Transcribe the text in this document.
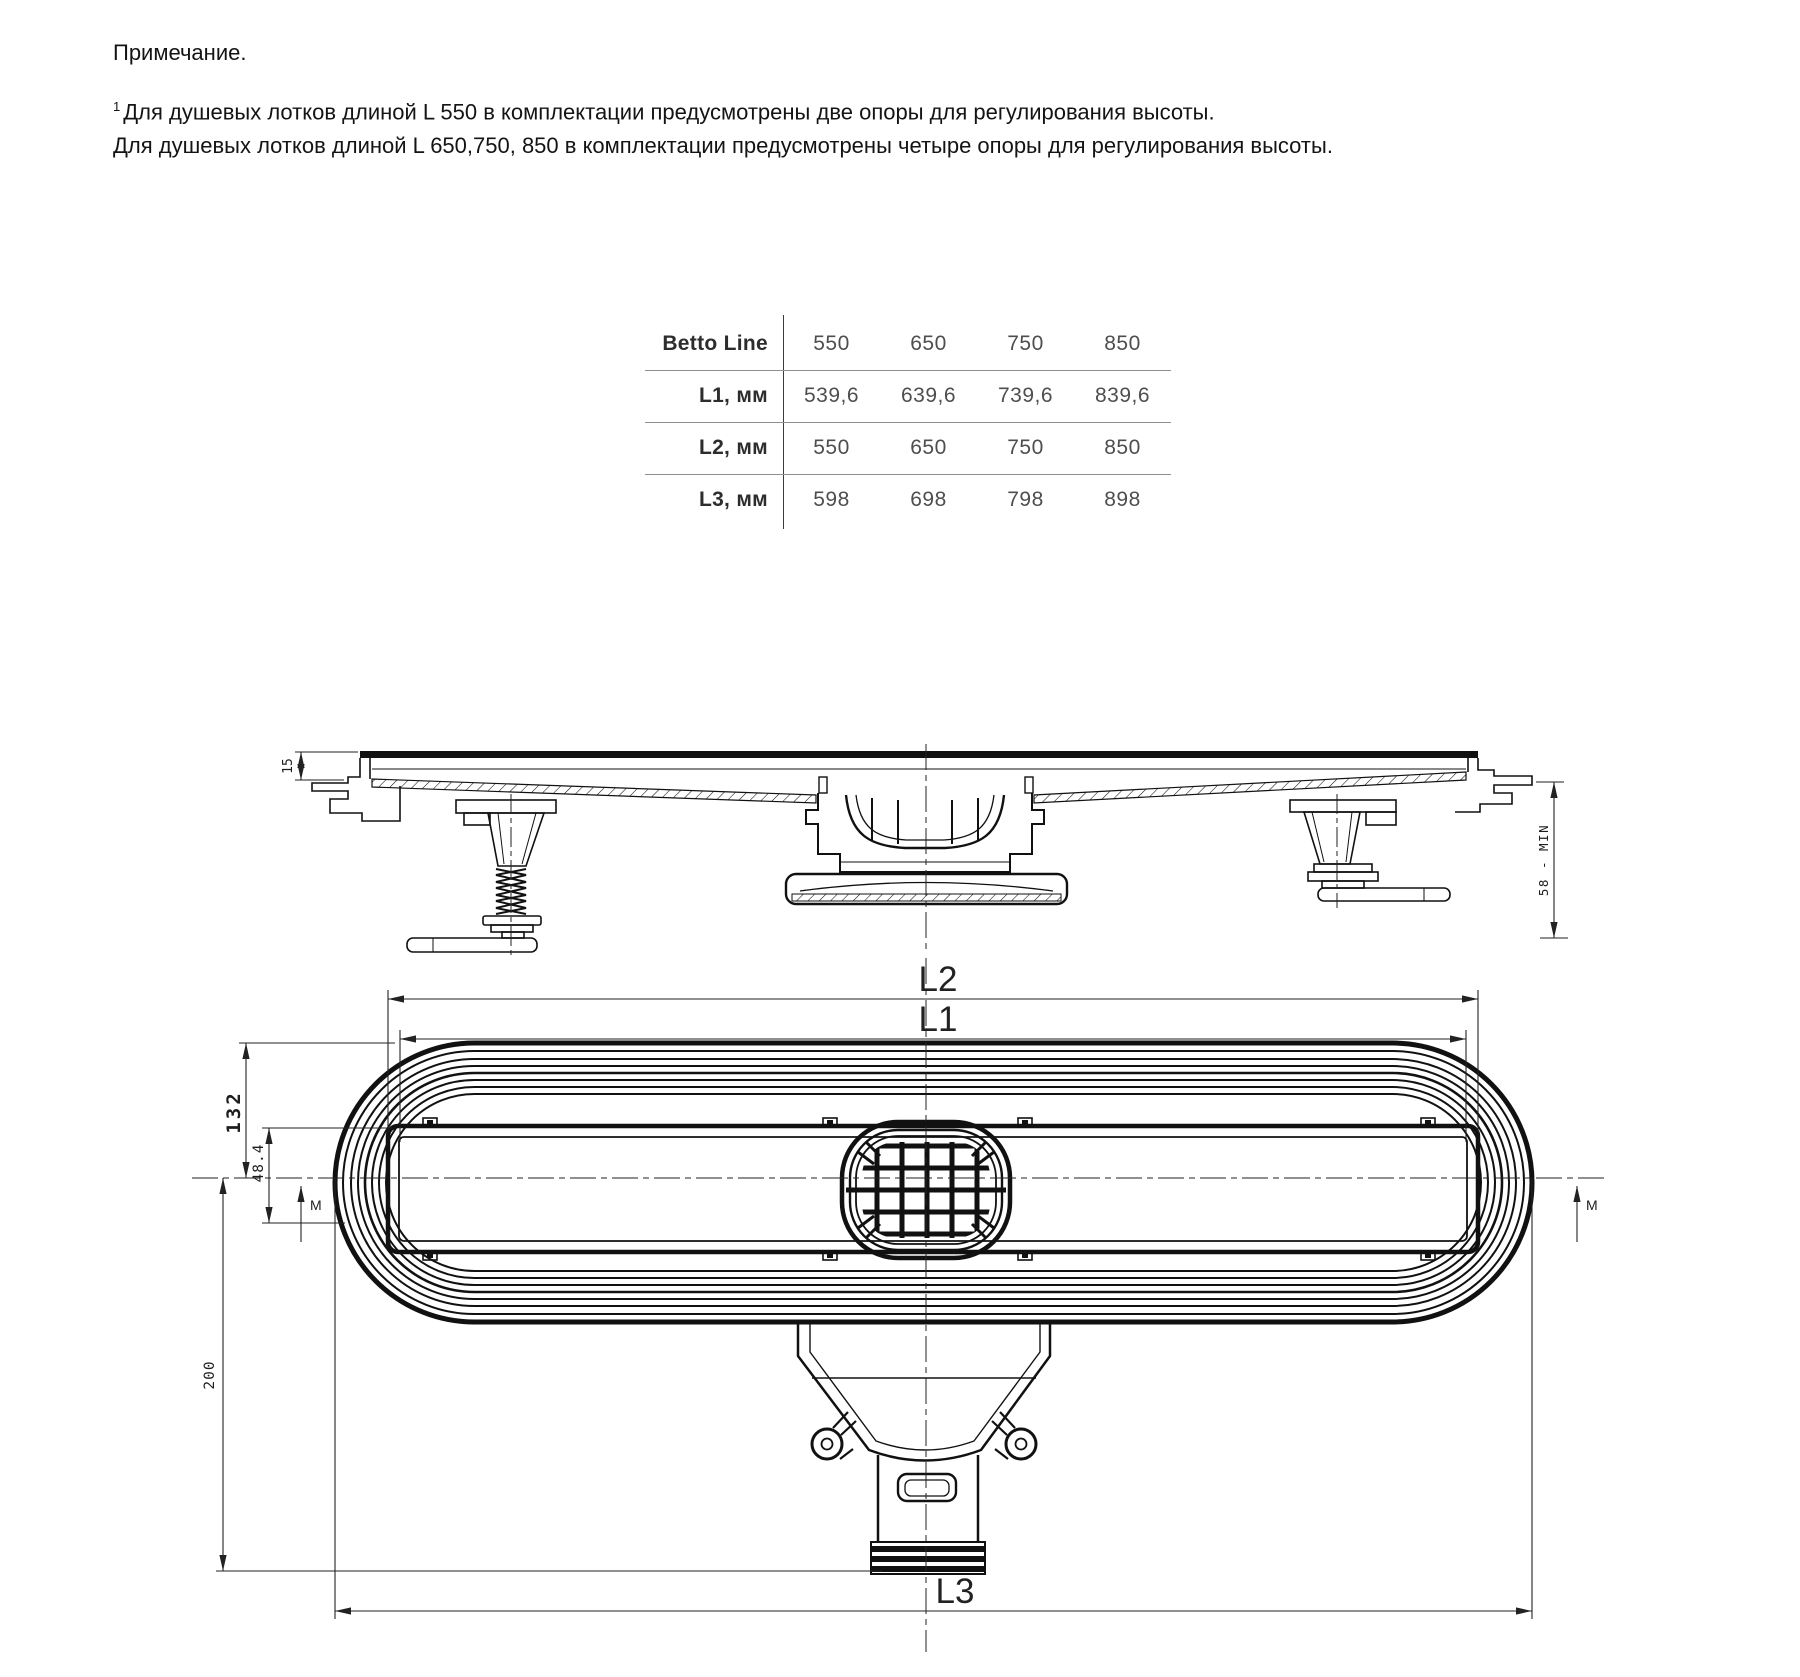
Примечание.
$^1$ Для душевых лотков длиной L 550 в комплектации предусмотрены две опоры для регулирования высоты.
Для душевых лотков длиной L 650,750, 850 в комплектации предусмотрены четыре опоры для регулирования высоты.
Betto Line	550	650	750	850
L1, мм	539,6	639,6	739,6	839,6
L2, мм	550	650	750	850
L3, мм	598	698	798	898
15
58 - MIN
L2
L1
L3
132
48.4
M	M
200
